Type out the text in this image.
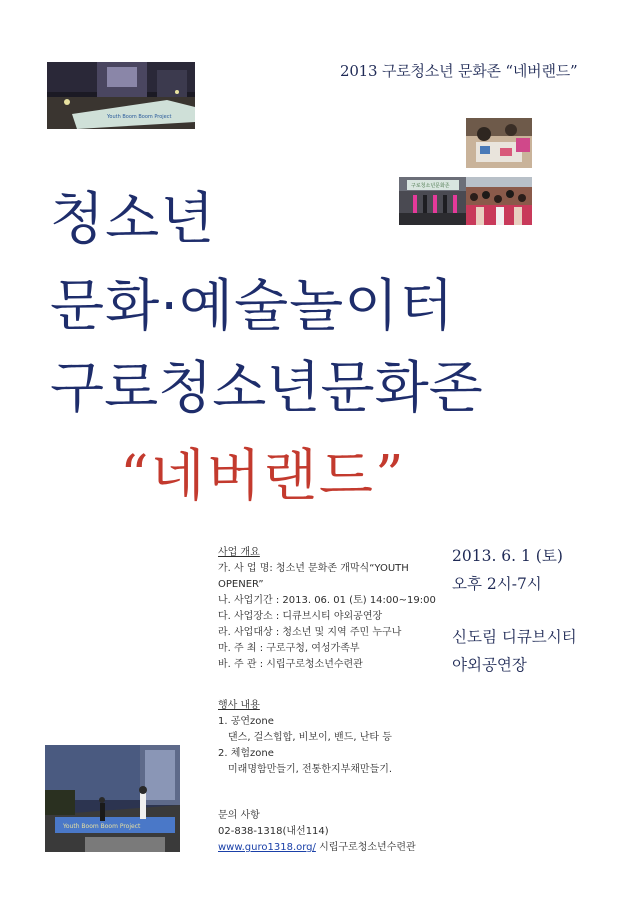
Youth Boom Boom Project
구로청소년문화존
Youth Boom Boom Project
2013 구로청소년 문화존 “네버랜드”
청소년
문화·예술놀이터
구로청소년문화존
“네버랜드”
사업 개요
가. 사 업 명: 청소년 문화존 개막식“YOUTH
OPENER”
나. 사업기간 : 2013. 06. 01 (토) 14:00~19:00
다. 사업장소 : 디큐브시티 야외공연장
라. 사업대상 : 청소년 및 지역 주민 누구나
마. 주 최 : 구로구청, 여성가족부
바. 주 관 : 시립구로청소년수련관
행사 내용
1. 공연zone
댄스, 걸스힙합, 비보이, 밴드, 난타 등
2. 체험zone
미래명함만들기, 전통한지부채만들기.
문의 사항
02-838-1318(내선114)
www.guro1318.org/ 시립구로청소년수련관
2013. 6. 1 (토)
오후 2시-7시
신도림 디큐브시티
야외공연장
